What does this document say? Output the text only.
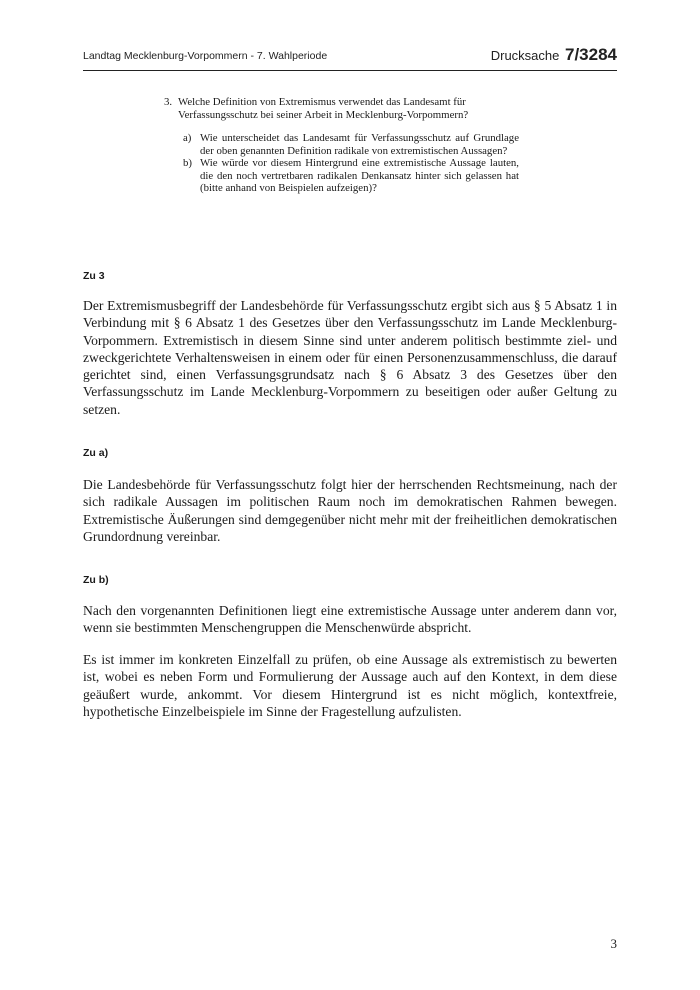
Landtag Mecklenburg-Vorpommern - 7. Wahlperiode	Drucksache 7/3284
3. Welche Definition von Extremismus verwendet das Landesamt für Verfassungsschutz bei seiner Arbeit in Mecklenburg-Vorpommern?
a) Wie unterscheidet das Landesamt für Verfassungsschutz auf Grundlage der oben genannten Definition radikale von extremistischen Aussagen?
b) Wie würde vor diesem Hintergrund eine extremistische Aussage lauten, die den noch vertretbaren radikalen Denkansatz hinter sich gelassen hat (bitte anhand von Beispielen aufzeigen)?
Zu 3
Der Extremismusbegriff der Landesbehörde für Verfassungsschutz ergibt sich aus § 5 Absatz 1 in Verbindung mit § 6 Absatz 1 des Gesetzes über den Verfassungsschutz im Lande Mecklenburg-Vorpommern. Extremistisch in diesem Sinne sind unter anderem politisch bestimmte ziel- und zweckgerichtete Verhaltensweisen in einem oder für einen Personenzusammenschluss, die darauf gerichtet sind, einen Verfassungsgrundsatz nach § 6 Absatz 3 des Gesetzes über den Verfassungsschutz im Lande Mecklenburg-Vorpommern zu beseitigen oder außer Geltung zu setzen.
Zu a)
Die Landesbehörde für Verfassungsschutz folgt hier der herrschenden Rechtsmeinung, nach der sich radikale Aussagen im politischen Raum noch im demokratischen Rahmen bewegen. Extremistische Äußerungen sind demgegenüber nicht mehr mit der freiheitlichen demokratischen Grundordnung vereinbar.
Zu b)
Nach den vorgenannten Definitionen liegt eine extremistische Aussage unter anderem dann vor, wenn sie bestimmten Menschengruppen die Menschenwürde abspricht.
Es ist immer im konkreten Einzelfall zu prüfen, ob eine Aussage als extremistisch zu bewerten ist, wobei es neben Form und Formulierung der Aussage auch auf den Kontext, in dem diese geäußert wurde, ankommt. Vor diesem Hintergrund ist es nicht möglich, kontextfreie, hypothetische Einzelbeispiele im Sinne der Fragestellung aufzulisten.
3
